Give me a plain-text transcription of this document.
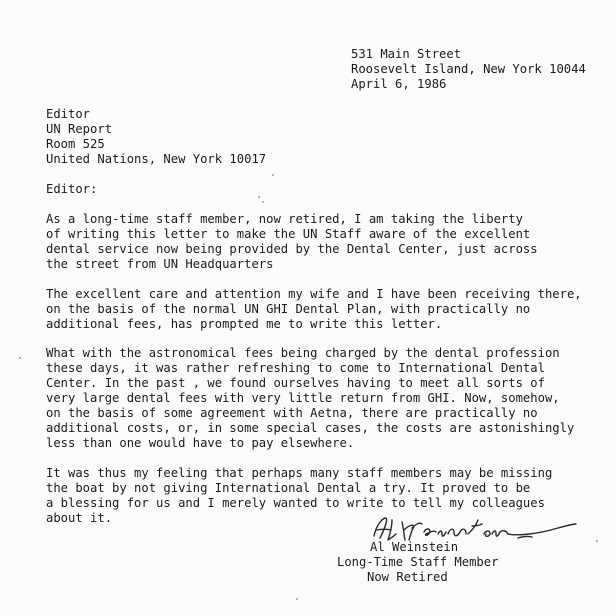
531 Main Street
Roosevelt Island, New York 10044
April 6, 1986
Editor
UN Report
Room 525
United Nations, New York 10017
Editor:
As a long-time staff member, now retired, I am taking the liberty
of writing this letter to make the UN Staff aware of the excellent
dental service now being provided by the Dental Center, just across
the street from UN Headquarters
The excellent care and attention my wife and I have been receiving there,
on the basis of the normal UN GHI Dental Plan, with practically no
additional fees, has prompted me to write this letter.
What with the astronomical fees being charged by the dental profession
these days, it was rather refreshing to come to International Dental
Center. In the past , we found ourselves having to meet all sorts of
very large dental fees with very little return from GHI. Now, somehow,
on the basis of some agreement with Aetna, there are practically no
additional costs, or, in some special cases, the costs are astonishingly
less than one would have to pay elsewhere.
It was thus my feeling that perhaps many staff members may be missing
the boat by not giving International Dental a try. It proved to be
a blessing for us and I merely wanted to write to tell my colleagues
about it.
Al Weinstein
Long-Time Staff Member
Now Retired
